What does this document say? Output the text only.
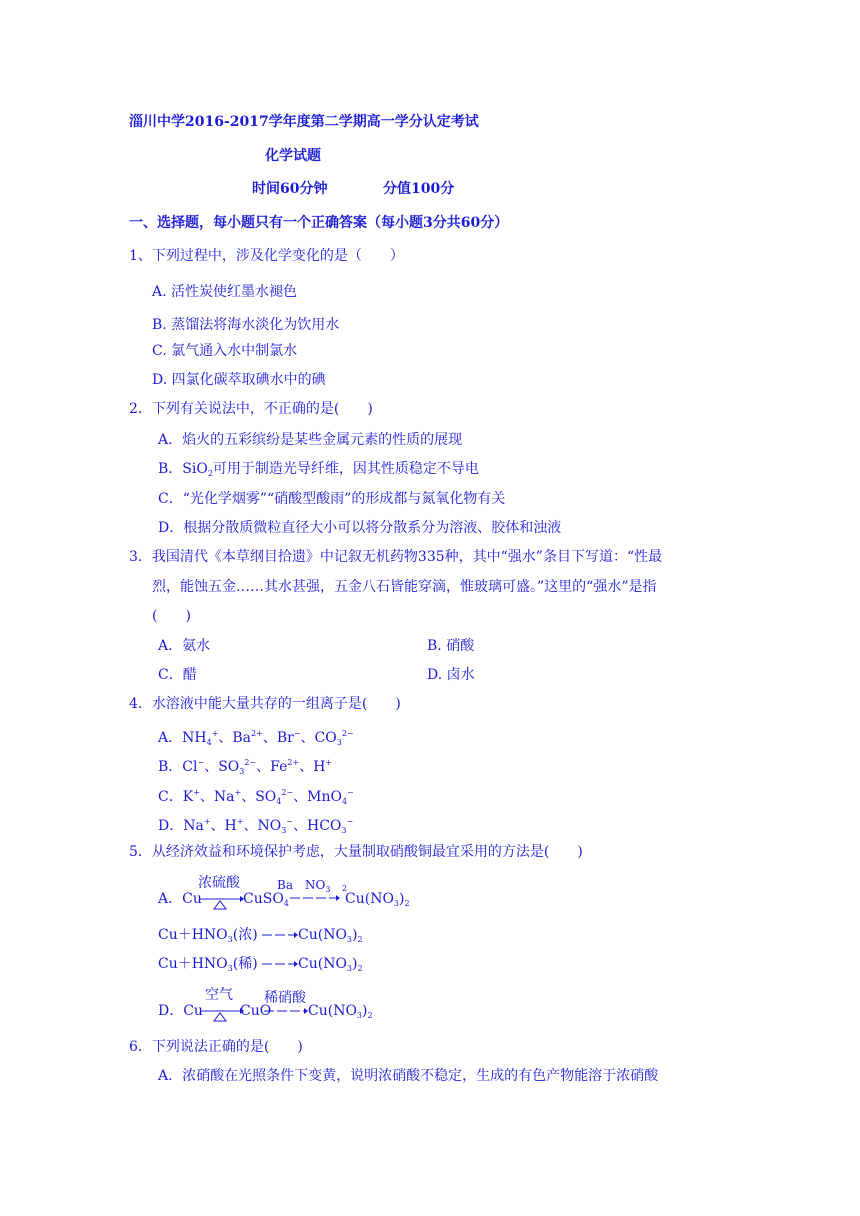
淄川中学2016-2017学年度第二学期高一学分认定考试
化学试题
时间60分钟	分值100分
一、选择题，每小题只有一个正确答案（每小题3分共60分）
1、下列过程中，涉及化学变化的是（　　）
A. 活性炭使红墨水褪色
B. 蒸馏法将海水淡化为饮用水
C. 氯气通入水中制氯水
D. 四氯化碳萃取碘水中的碘
2．下列有关说法中，不正确的是(　　)
A．焰火的五彩缤纷是某些金属元素的性质的展现
B．SiO$_2$可用于制造光导纤维，因其性质稳定不导电
C．“光化学烟雾”“硝酸型酸雨”的形成都与氮氧化物有关
D．根据分散质微粒直径大小可以将分散系分为溶液、胶体和浊液
3．我国清代《本草纲目拾遗》中记叙无机药物335种，其中“强水”条目下写道：“性最
烈，能蚀五金……其水甚强，五金八石皆能穿滴，惟玻璃可盛。”这里的“强水”是指
(　　)
A．氨水	B. 硝酸
C．醋	D. 卤水
4．水溶液中能大量共存的一组离子是(　　)
A．$NH_4^+$、$Ba^{2+}$、Br−、$CO_3^{2-}$
B．Cl−、$SO_3^{2-}$、$Fe^{2+}$、H+
C．K+、Na+、$SO_4^{2-}$、MnO$_4$−
D．Na+、H+、$NO_3^-$、$HCO_3^-$
5．从经济效益和环境保护考虑，大量制取硝酸铜最宜采用的方法是(　　)
浓硫酸	Ba　$NO_3$ 2
A．Cu	CuSO$_4$	$Cu(NO_3)_2$
$Cu+HNO_3$(浓)	$Cu(NO_3)_2$
$Cu+HNO_3$(稀)	$Cu(NO_3)_2$
空气 稀硝酸
D．Cu	CuO	$Cu(NO_3)_2$
6．下列说法正确的是(　　)
A．浓硝酸在光照条件下变黄，说明浓硝酸不稳定，生成的有色产物能溶于浓硝酸
